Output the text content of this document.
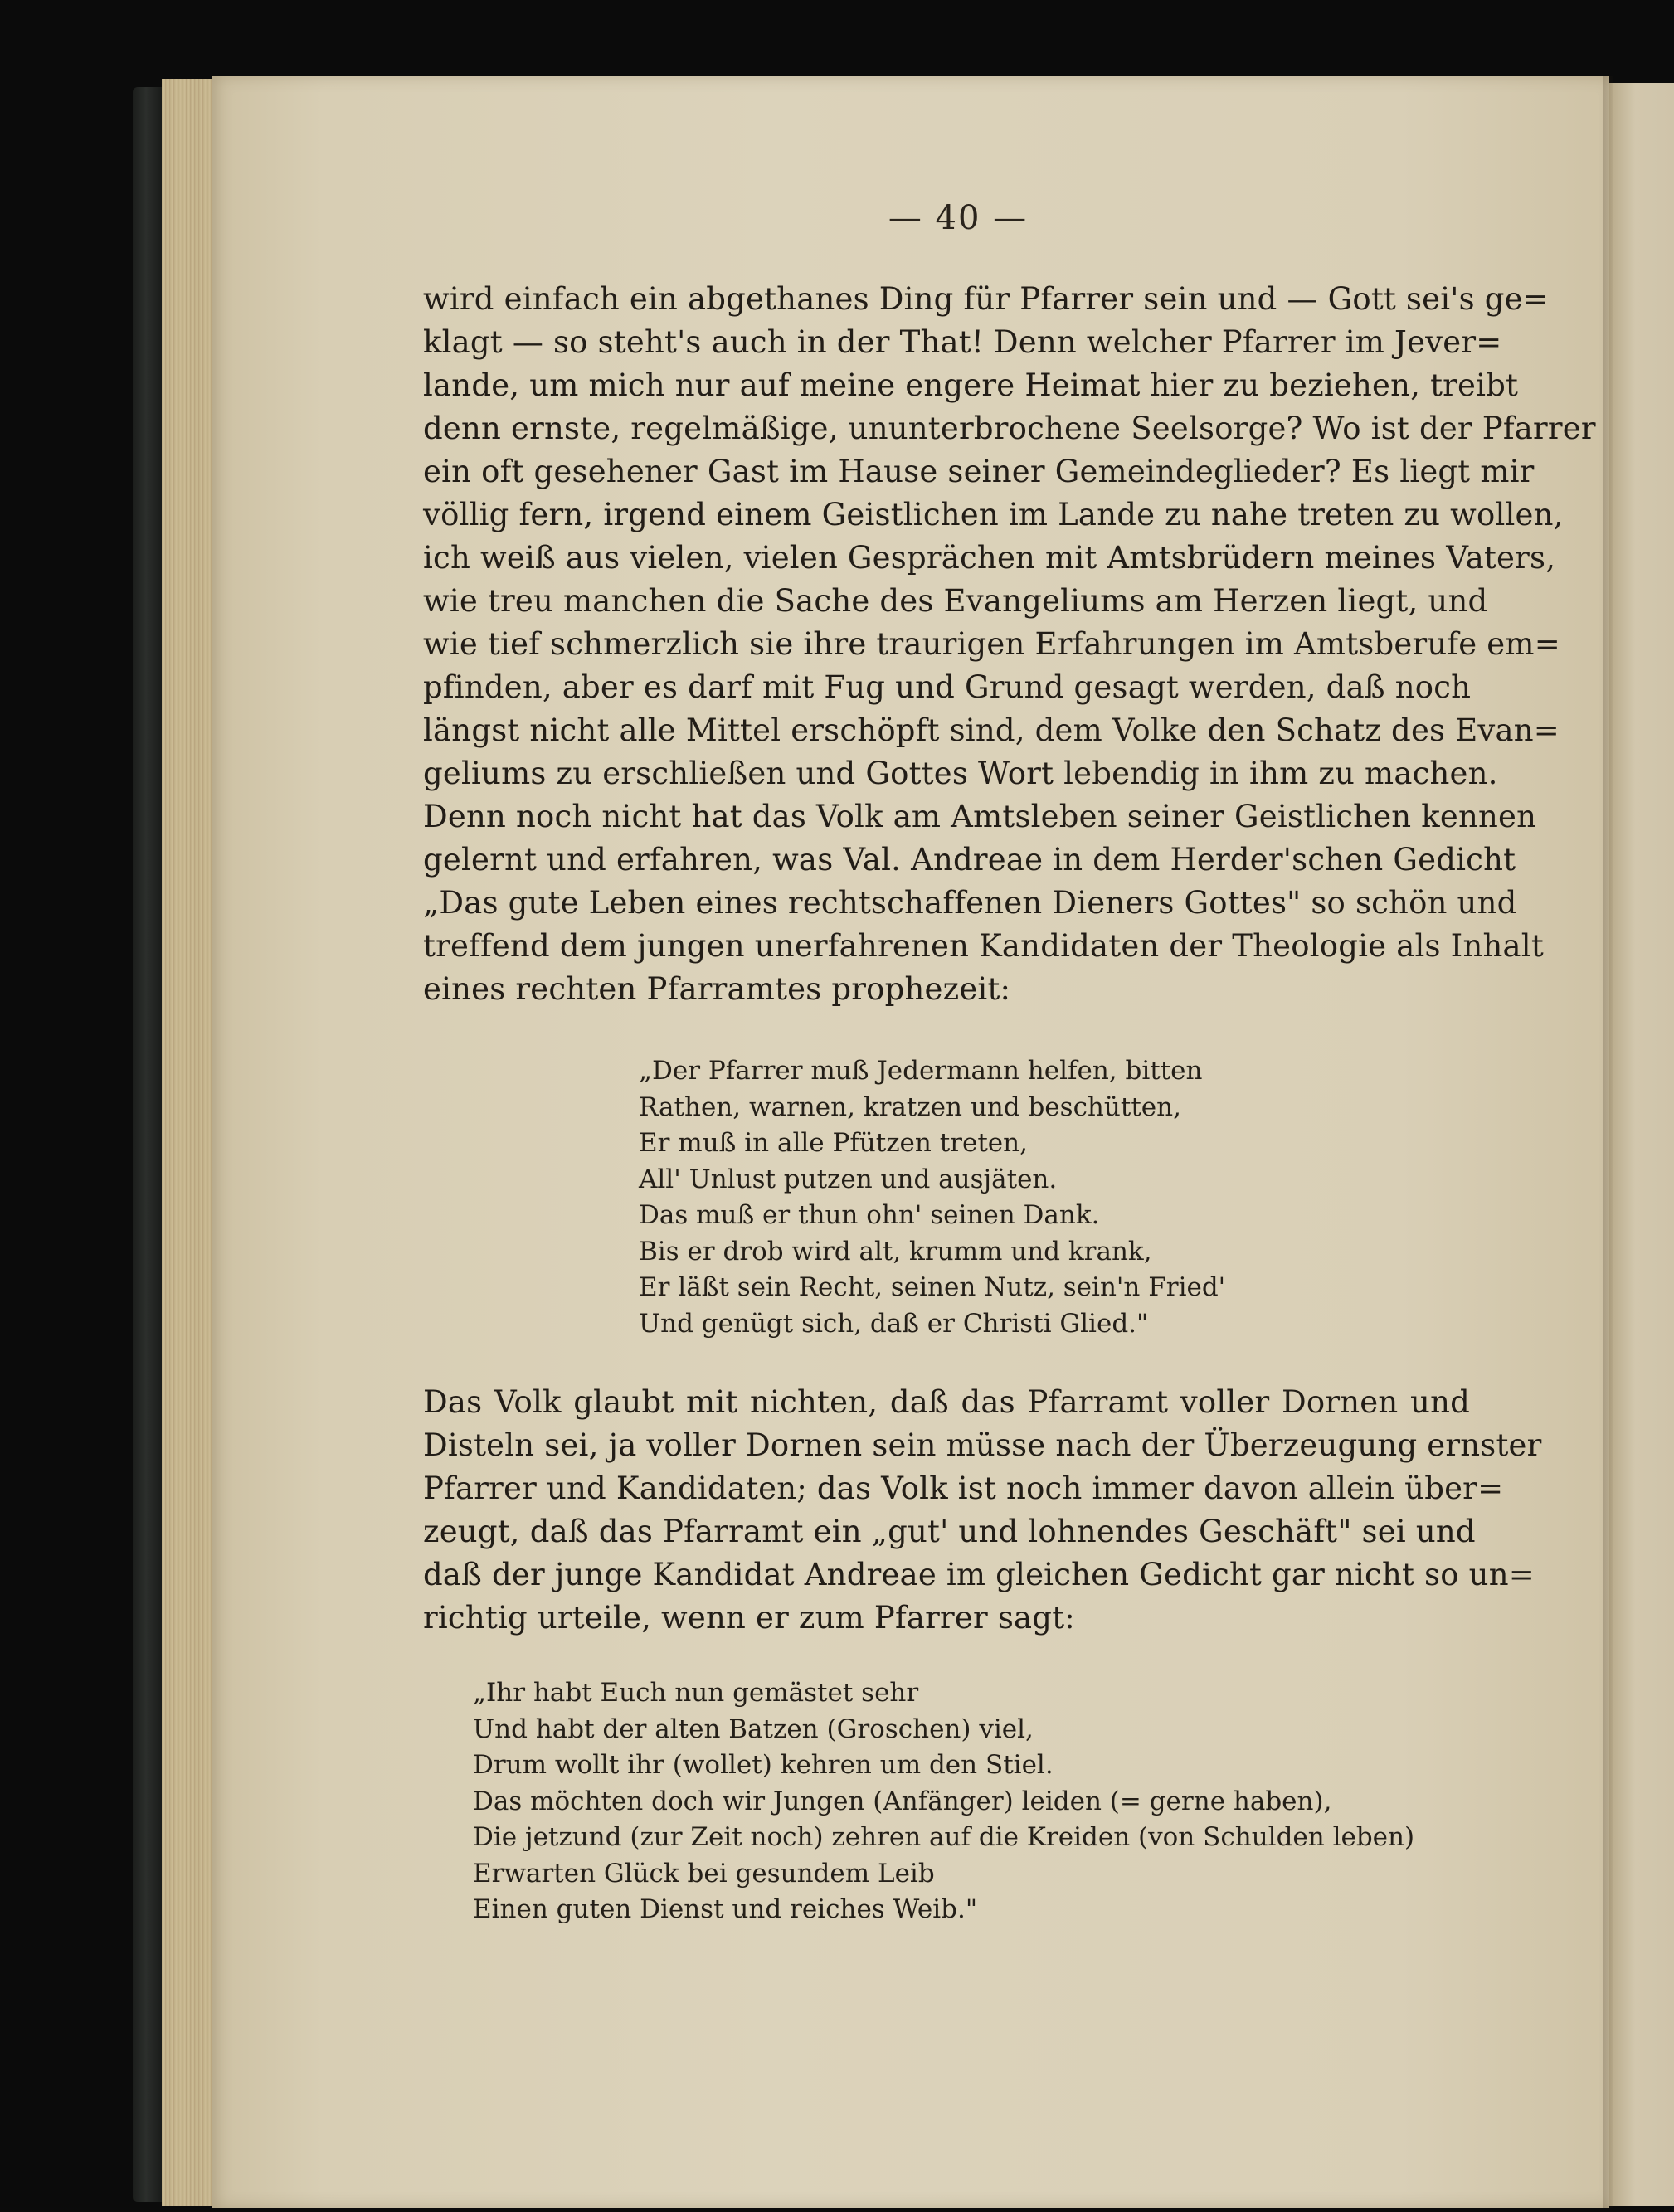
— 40 —
wird einfach ein abgethanes Ding für Pfarrer sein und — Gott sei's ge=
klagt — so steht's auch in der That! Denn welcher Pfarrer im Jever=
lande, um mich nur auf meine engere Heimat hier zu beziehen, treibt
denn ernste, regelmäßige, ununterbrochene Seelsorge? Wo ist der Pfarrer
ein oft gesehener Gast im Hause seiner Gemeindeglieder? Es liegt mir
völlig fern, irgend einem Geistlichen im Lande zu nahe treten zu wollen,
ich weiß aus vielen, vielen Gesprächen mit Amtsbrüdern meines Vaters,
wie treu manchen die Sache des Evangeliums am Herzen liegt, und
wie tief schmerzlich sie ihre traurigen Erfahrungen im Amtsberufe em=
pfinden, aber es darf mit Fug und Grund gesagt werden, daß noch
längst nicht alle Mittel erschöpft sind, dem Volke den Schatz des Evan=
geliums zu erschließen und Gottes Wort lebendig in ihm zu machen.
Denn noch nicht hat das Volk am Amtsleben seiner Geistlichen kennen
gelernt und erfahren, was Val. Andreae in dem Herder'schen Gedicht
„Das gute Leben eines rechtschaffenen Dieners Gottes" so schön und
treffend dem jungen unerfahrenen Kandidaten der Theologie als Inhalt
eines rechten Pfarramtes prophezeit:
„Der Pfarrer muß Jedermann helfen, bitten
Rathen, warnen, kratzen und beschütten,
Er muß in alle Pfützen treten,
All' Unlust putzen und ausjäten.
Das muß er thun ohn' seinen Dank.
Bis er drob wird alt, krumm und krank,
Er läßt sein Recht, seinen Nutz, sein'n Fried'
Und genügt sich, daß er Christi Glied."
Das Volk glaubt mit nichten, daß das Pfarramt voller Dornen und
Disteln sei, ja voller Dornen sein müsse nach der Überzeugung ernster
Pfarrer und Kandidaten; das Volk ist noch immer davon allein über=
zeugt, daß das Pfarramt ein „gut' und lohnendes Geschäft" sei und
daß der junge Kandidat Andreae im gleichen Gedicht gar nicht so un=
richtig urteile, wenn er zum Pfarrer sagt:
„Ihr habt Euch nun gemästet sehr
Und habt der alten Batzen (Groschen) viel,
Drum wollt ihr (wollet) kehren um den Stiel.
Das möchten doch wir Jungen (Anfänger) leiden (= gerne haben),
Die jetzund (zur Zeit noch) zehren auf die Kreiden (von Schulden leben)
Erwarten Glück bei gesundem Leib
Einen guten Dienst und reiches Weib."
